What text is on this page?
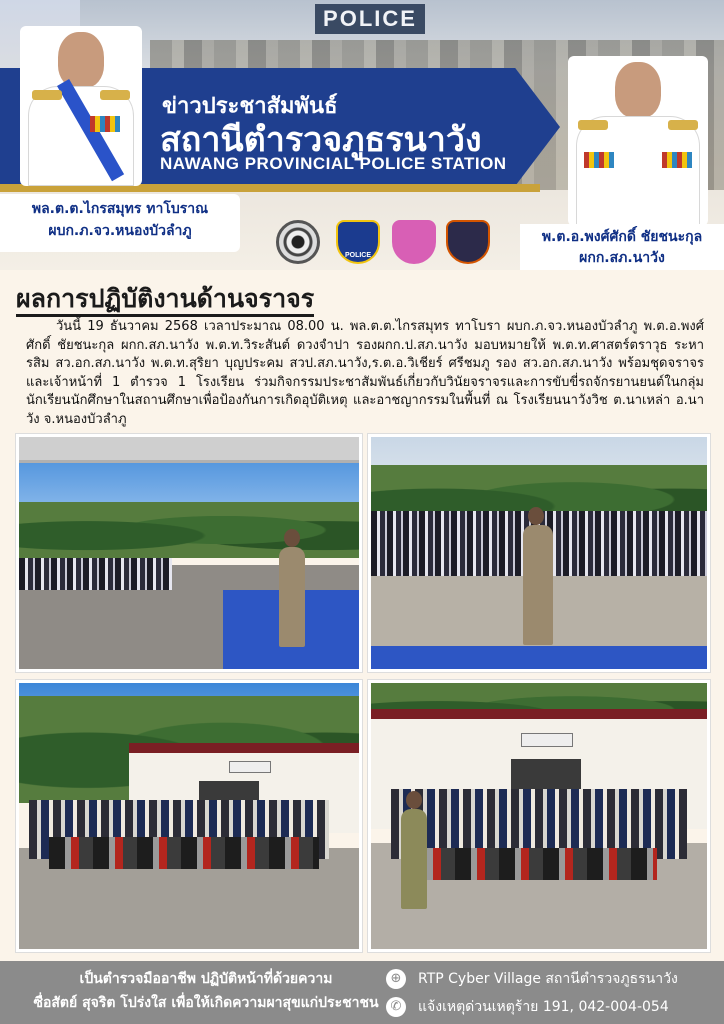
POLICE
ข่าวประชาสัมพันธ์
สถานีตำรวจภูธรนาวัง
NAWANG PROVINCIAL POLICE STATION
พล.ต.ต.ไกรสมุทร ทาโบราณ
ผบก.ภ.จว.หนองบัวลำภู
POLICE
พ.ต.อ.พงศ์ศักดิ์ ชัยชนะกุล
ผกก.สภ.นาวัง
ผลการปฏิบัติงานด้านจราจร
วันนี้ 19 ธันวาคม 2568 เวลาประมาณ 08.00 น. พล.ต.ต.ไกรสมุทร ทาโบรา ผบก.ภ.จว.หนองบัวลำภู พ.ต.อ.พงศ์ศักดิ์ ชัยชนะกุล ผกก.สภ.นาวัง พ.ต.ท.วิระสันต์ ดวงจำปา รองผกก.ป.สภ.นาวัง มอบหมายให้ พ.ต.ท.ศาสตร์ตราวุธ ระหารสิม สว.อก.สภ.นาวัง พ.ต.ท.สุริยา บุญประคม สวป.สภ.นาวัง,ร.ต.อ.วิเชียร์ ศรีชมภู รอง สว.อก.สภ.นาวัง พร้อมชุดจราจรและเจ้าหน้าที่ 1 ตำรวจ 1 โรงเรียน ร่วมกิจกรรมประชาสัมพันธ์เกี่ยวกับวินัยจราจรและการขับขี่รถจักรยานยนต์ในกลุ่มนักเรียนนักศึกษาในสถานศึกษาเพื่อป้องกันการเกิดอุบัติเหตุ และอาชญากรรมในพื้นที่ ณ โรงเรียนนาวังวิช ต.นาเหล่า อ.นาวัง จ.หนองบัวลำภู
เป็นตำรวจมืออาชีพ ปฏิบัติหน้าที่ด้วยความ
ซื่อสัตย์ สุจริต โปร่งใส เพื่อให้เกิดความผาสุขแก่ประชาชน
⊕	RTP Cyber Village สถานีตำรวจภูธรนาวัง
✆	แจ้งเหตุด่วนเหตุร้าย 191, 042-004-054
